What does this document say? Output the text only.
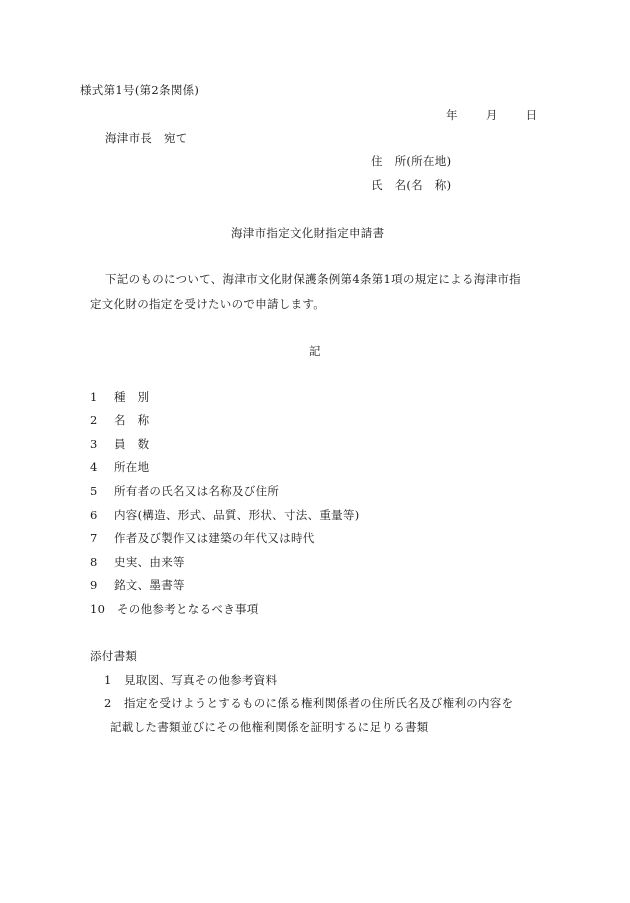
様式第1号(第2条関係)
年 月 日
海津市長　宛て
住　所(所在地)
氏　名(名　称)
海津市指定文化財指定申請書
下記のものについて、海津市文化財保護条例第4条第1項の規定による海津市指
定文化財の指定を受けたいので申請します。
記
1 種　別
2 名　称
3 員　数
4 所在地
5 所有者の氏名又は名称及び住所
6 内容(構造、形式、品質、形状、寸法、重量等)
7 作者及び製作又は建築の年代又は時代
8 史実、由来等
9 銘文、墨書等
10 その他参考となるべき事項
添付書類
1 見取図、写真その他参考資料
2 指定を受けようとするものに係る権利関係者の住所氏名及び権利の内容を
記載した書類並びにその他権利関係を証明するに足りる書類
